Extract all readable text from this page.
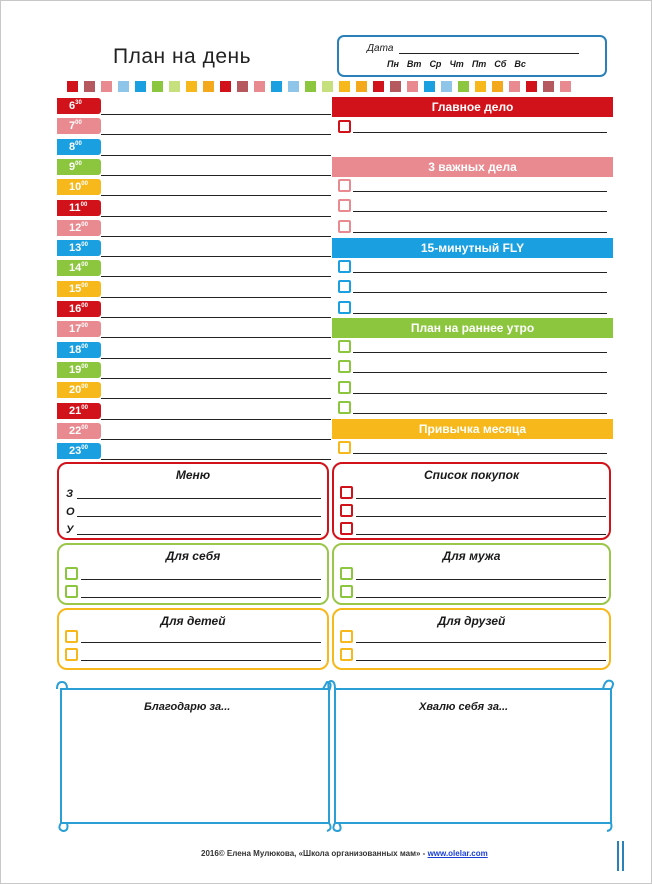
План на день	Дата
Пн Вт Ср Чт Пт Сб Вс
$6^{30}$
$7^{00}$
$8^{00}$
$9^{00}$
$10^{00}$
$11^{00}$
$12^{00}$
$13^{00}$
$14^{00}$
$15^{00}$
$16^{00}$
$17^{00}$
$18^{00}$
$19^{00}$
$20^{00}$
$21^{00}$
$22^{00}$
$23^{00}$
Главное дело
3 важных дела
15-минутный FLY
План на раннее утро
Привычка месяца
Меню
З
О
У
Список покупок
Для себя	Для мужа
Для детей	Для друзей
Благодарю за...	Хвалю себя за...
2016© Елена Мулюкова, «Школа организованных мам» - www.olelar.com
